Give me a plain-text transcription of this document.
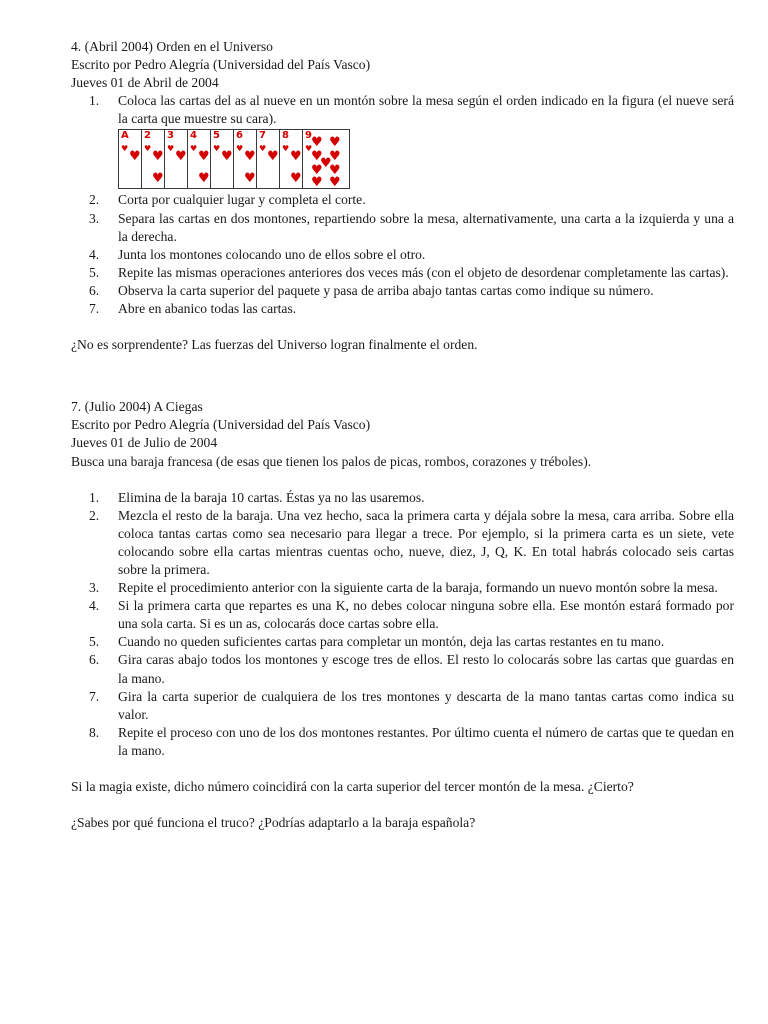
4. (Abril 2004) Orden en el Universo
Escrito por Pedro Alegría (Universidad del País Vasco)
Jueves 01 de Abril de 2004
1.	Coloca las cartas del as al nueve en un montón sobre la mesa según el orden indicado en la figura (el nueve será la carta que muestre su cara).
A
♥
♥
2
♥
♥
♥
3
♥
♥
4
♥
♥
♥
5
♥
♥
6
♥
♥
♥
7
♥
♥
8
♥
♥
♥
9
♥
♥ ♥
♥ ♥
♥
♥ ♥
♥ ♥
2.	Corta por cualquier lugar y completa el corte.
3.	Separa las cartas en dos montones, repartiendo sobre la mesa, alternativamente, una carta a la izquierda y una a la derecha.
4.	Junta los montones colocando uno de ellos sobre el otro.
5.	Repite las mismas operaciones anteriores dos veces más (con el objeto de desordenar completamente las cartas).
6.	Observa la carta superior del paquete y pasa de arriba abajo tantas cartas como indique su número.
7.	Abre en abanico todas las cartas.
¿No es sorprendente? Las fuerzas del Universo logran finalmente el orden.
7. (Julio 2004) A Ciegas
Escrito por Pedro Alegría (Universidad del País Vasco)
Jueves 01 de Julio de 2004
Busca una baraja francesa (de esas que tienen los palos de picas, rombos, corazones y tréboles).
1.	Elimina de la baraja 10 cartas. Éstas ya no las usaremos.
2.	Mezcla el resto de la baraja. Una vez hecho, saca la primera carta y déjala sobre la mesa, cara arriba. Sobre ella coloca tantas cartas como sea necesario para llegar a trece. Por ejemplo, si la primera carta es un siete, vete colocando sobre ella cartas mientras cuentas ocho, nueve, diez, J, Q, K. En total habrás colocado seis cartas sobre la primera.
3.	Repite el procedimiento anterior con la siguiente carta de la baraja, formando un nuevo montón sobre la mesa.
4.	Si la primera carta que repartes es una K, no debes colocar ninguna sobre ella. Ese montón estará formado por una sola carta. Si es un as, colocarás doce cartas sobre ella.
5.	Cuando no queden suficientes cartas para completar un montón, deja las cartas restantes en tu mano.
6.	Gira caras abajo todos los montones y escoge tres de ellos. El resto lo colocarás sobre las cartas que guardas en la mano.
7.	Gira la carta superior de cualquiera de los tres montones y descarta de la mano tantas cartas como indica su valor.
8.	Repite el proceso con uno de los dos montones restantes. Por último cuenta el número de cartas que te quedan en la mano.
Si la magia existe, dicho número coincidirá con la carta superior del tercer montón de la mesa. ¿Cierto?
¿Sabes por qué funciona el truco? ¿Podrías adaptarlo a la baraja española?
